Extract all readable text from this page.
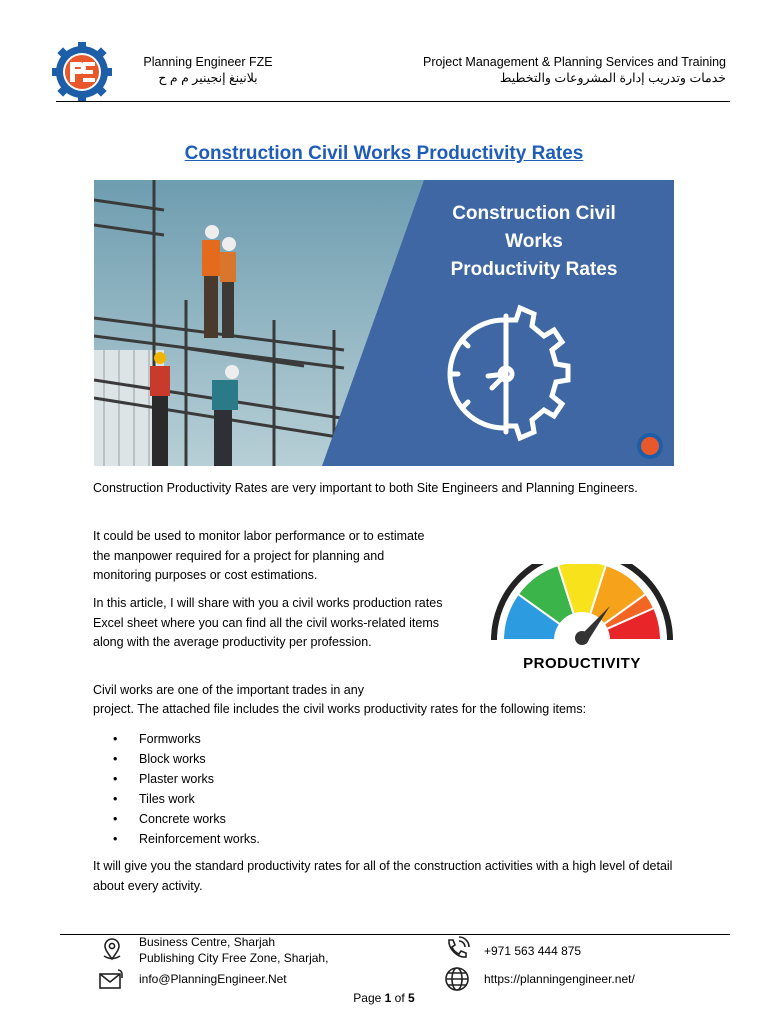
Planning Engineer FZE
بلانينغ إنجينير م م ح
Project Management & Planning Services and Training
خدمات وتدريب إدارة المشروعات والتخطيط
Construction Civil Works Productivity Rates
Construction Civil
Works
Productivity Rates
Construction Productivity Rates are very important to both Site Engineers and Planning Engineers.
It could be used to monitor labor performance or to estimate the manpower required for a project for planning and monitoring purposes or cost estimations.
In this article, I will share with you a civil works production rates Excel sheet where you can find all the civil works-related items along with the average productivity per profession.
Civil works are one of the important trades in any
project. The attached file includes the civil works productivity rates for the following items:
• Formworks
• Block works
• Plaster works
• Tiles work
• Concrete works
• Reinforcement works.
It will give you the standard productivity rates for all of the construction activities with a high level of detail about every activity.
PRODUCTIVITY
Business Centre, Sharjah
Publishing City Free Zone, Sharjah,
info@PlanningEngineer.Net
+971 563 444 875
https://planningengineer.net/
Page 1 of 5
